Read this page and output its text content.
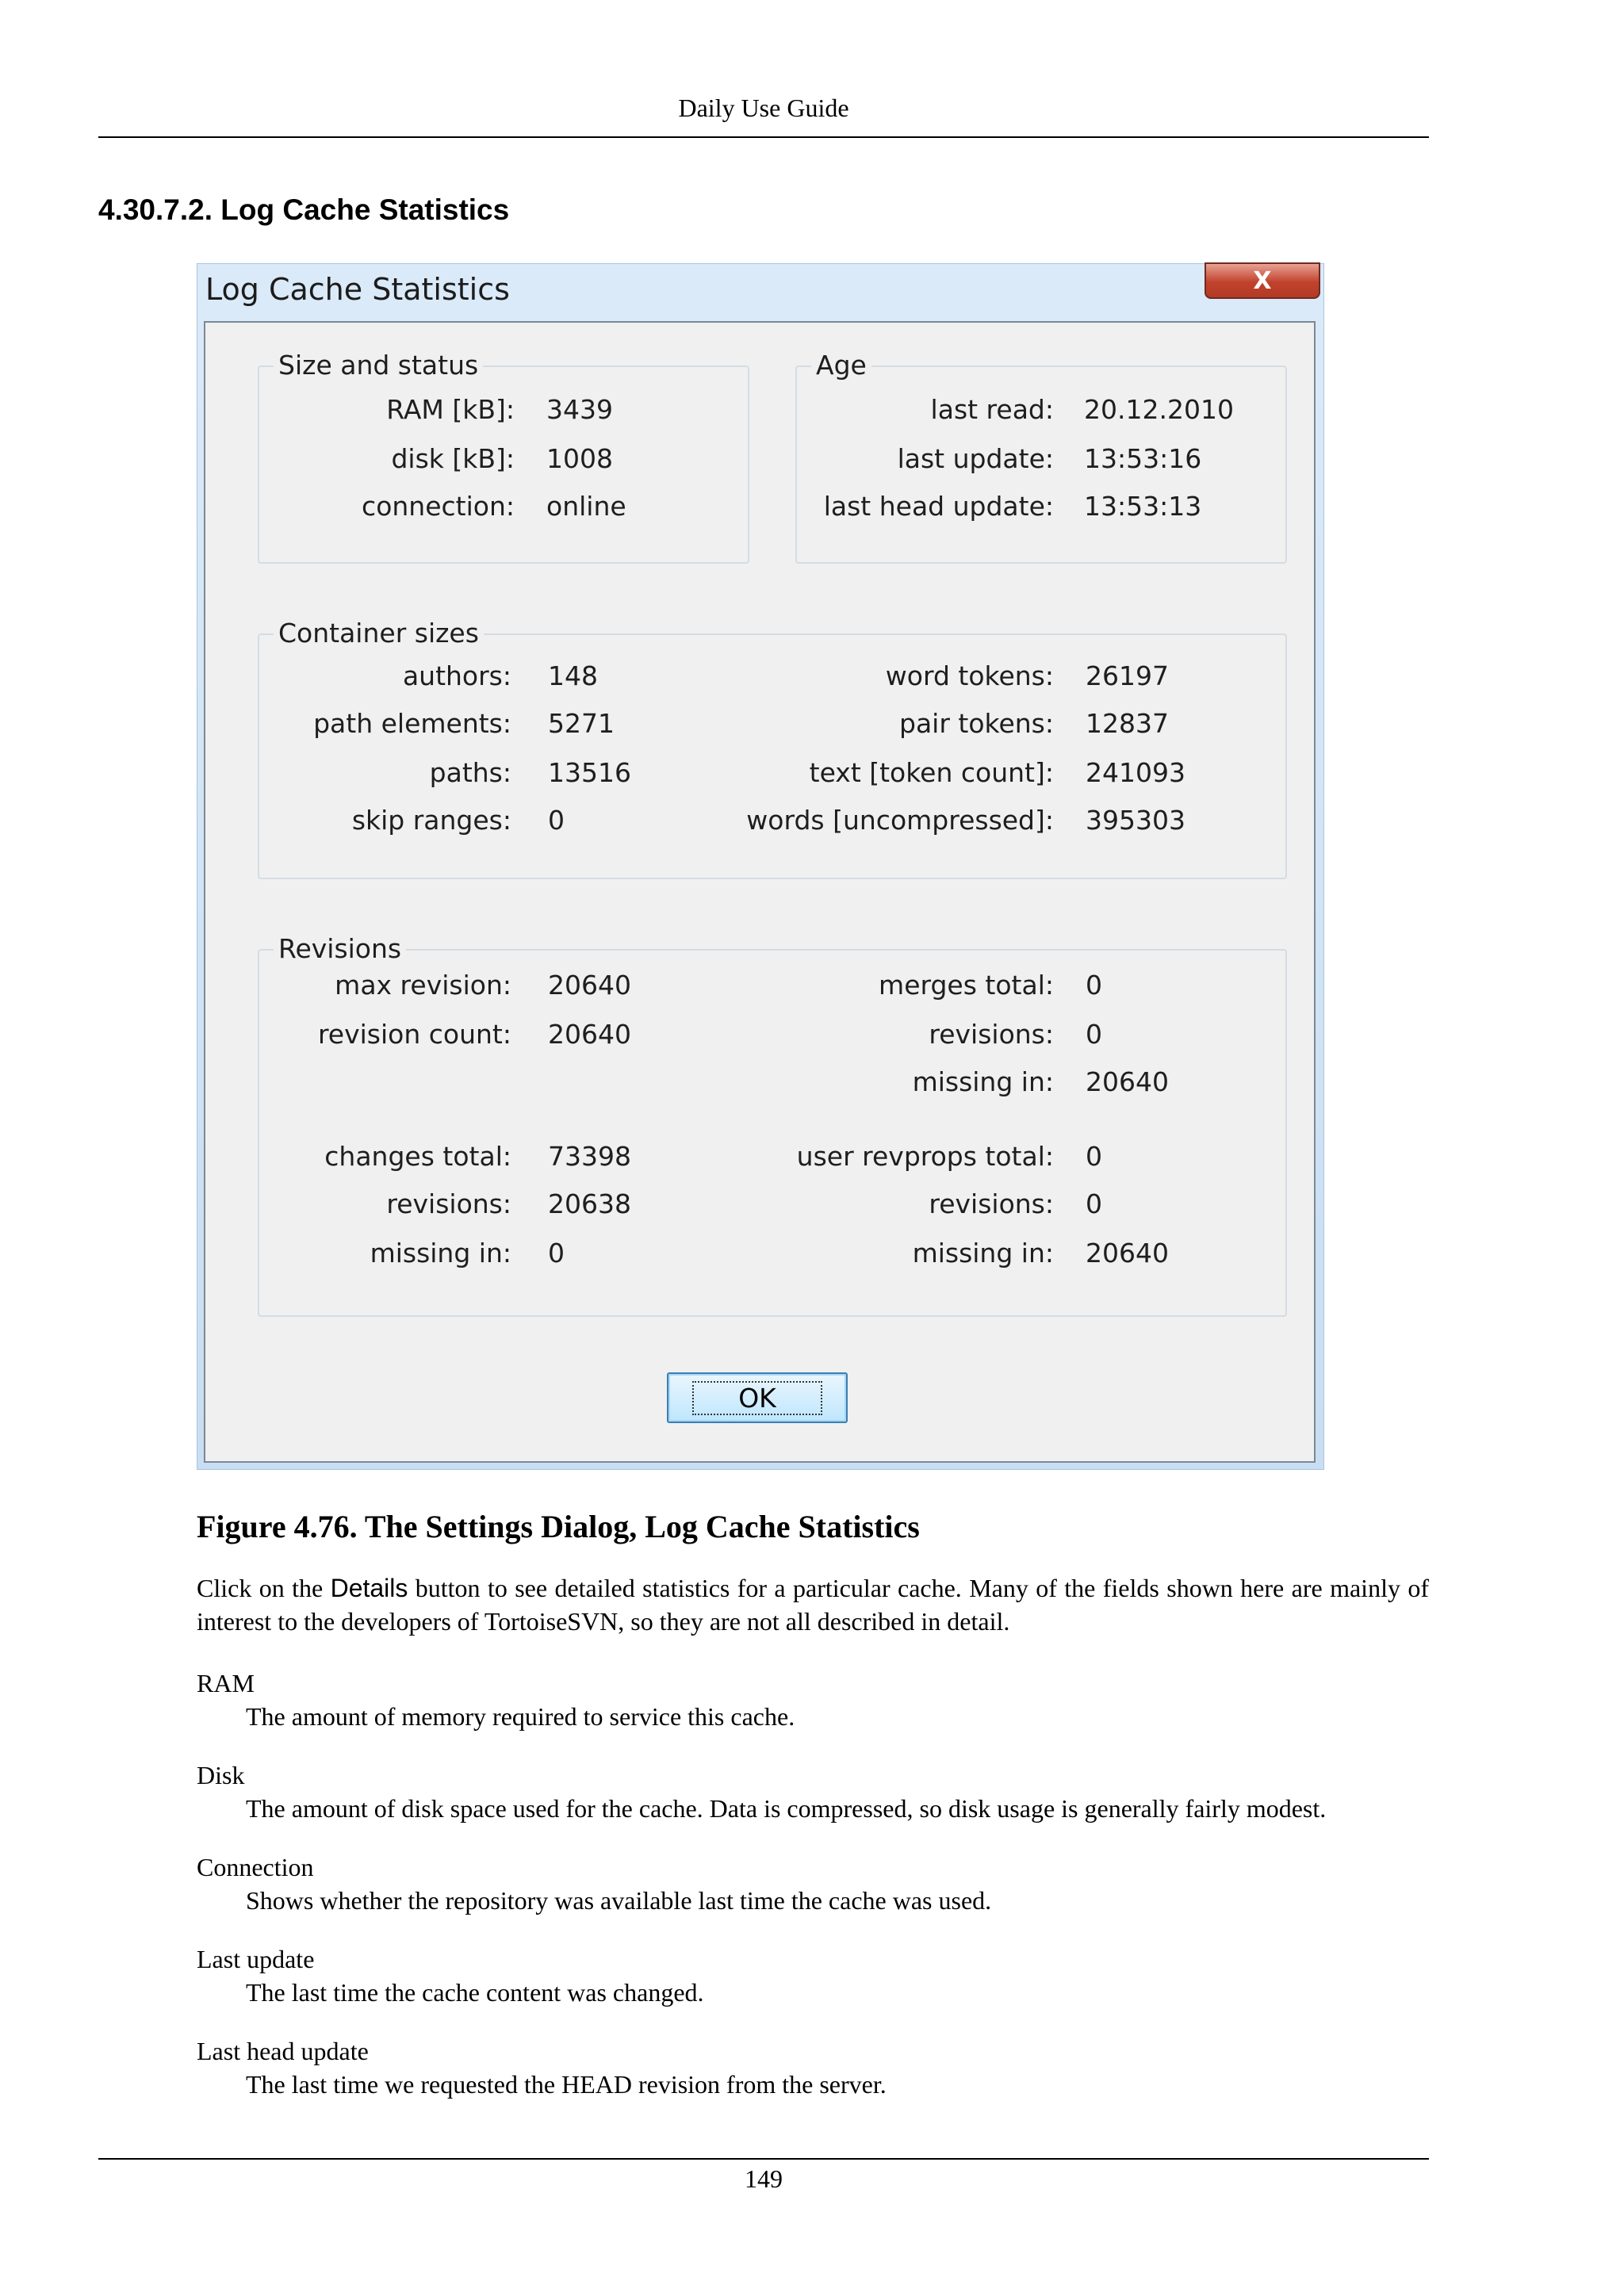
Daily Use Guide
4.30.7.2. Log Cache Statistics
Log Cache Statistics	X
Size and status
RAM [kB]: 3439
disk [kB]: 1008
connection: online
Age
last read: 20.12.2010
last update: 13:53:16
last head update: 13:53:13
Container sizes
authors: 148
path elements: 5271
paths: 13516
skip ranges: 0
word tokens: 26197
pair tokens: 12837
text [token count]: 241093
words [uncompressed]: 395303
Revisions
max revision: 20640
revision count: 20640
changes total: 73398
revisions: 20638
missing in: 0
merges total: 0
revisions: 0
missing in: 20640
user revprops total: 0
revisions: 0
missing in: 20640
OK
Figure 4.76. The Settings Dialog, Log Cache Statistics

Click on the Details button to see detailed statistics for a particular cache. Many of the fields shown here are mainly of interest to the developers of TortoiseSVN, so they are not all described in detail.

RAM
The amount of memory required to service this cache.
Disk
The amount of disk space used for the cache. Data is compressed, so disk usage is generally fairly modest.
Connection
Shows whether the repository was available last time the cache was used.
Last update
The last time the cache content was changed.
Last head update
The last time we requested the HEAD revision from the server.
149
